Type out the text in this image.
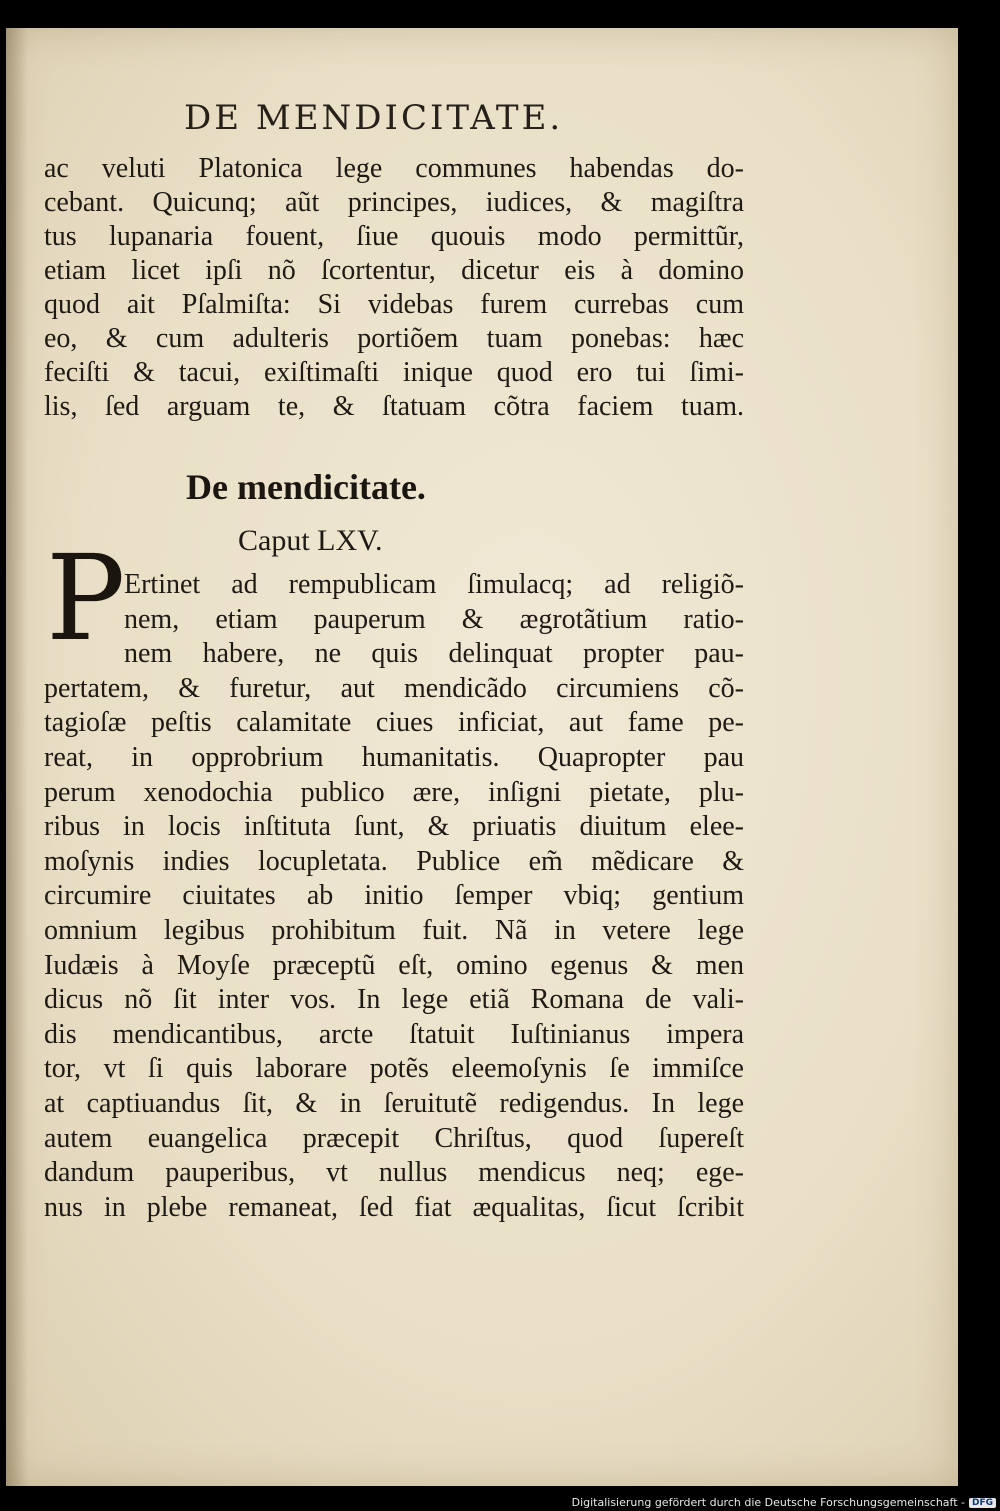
DE MENDICITATE.
ac veluti Platonica lege communes habendas do-
cebant. Quicunq; aũt principes, iudices, & magiſtra
tus lupanaria fouent, ſiue quouis modo permittũr,
etiam licet ipſi nõ ſcortentur, dicetur eis à domino
quod ait Pſalmiſta: Si videbas furem currebas cum
eo, & cum adulteris portiõem tuam ponebas: hæc
feciſti & tacui, exiſtimaſti inique quod ero tui ſimi-
lis, ſed arguam te, & ſtatuam cõtra faciem tuam.
De mendicitate.
Caput LXV.
P
Ertinet ad rempublicam ſimulacq; ad religiõ-
nem, etiam pauperum & ægrotãtium ratio-
nem habere, ne quis delinquat propter pau-
pertatem, & furetur, aut mendicãdo circumiens cõ-
tagioſæ peſtis calamitate ciues inficiat, aut fame pe-
reat, in opprobrium humanitatis. Quapropter pau
perum xenodochia publico ære, inſigni pietate, plu-
ribus in locis inſtituta ſunt, & priuatis diuitum elee-
moſynis indies locupletata. Publice em̃ mẽdicare &
circumire ciuitates ab initio ſemper vbiq; gentium
omnium legibus prohibitum fuit. Nã in vetere lege
Iudæis à Moyſe præceptũ eſt, omino egenus & men
dicus nõ ſit inter vos. In lege etiã Romana de vali-
dis mendicantibus, arcte ſtatuit Iuſtinianus impera
tor, vt ſi quis laborare potẽs eleemoſynis ſe immiſce
at captiuandus ſit, & in ſeruitutẽ redigendus. In lege
autem euangelica præcepit Chriſtus, quod ſupereſt
dandum pauperibus, vt nullus mendicus neq; ege-
nus in plebe remaneat, ſed fiat æqualitas, ſicut ſcribit
Digitalisierung gefördert durch die Deutsche Forschungsgemeinschaft - DFG
